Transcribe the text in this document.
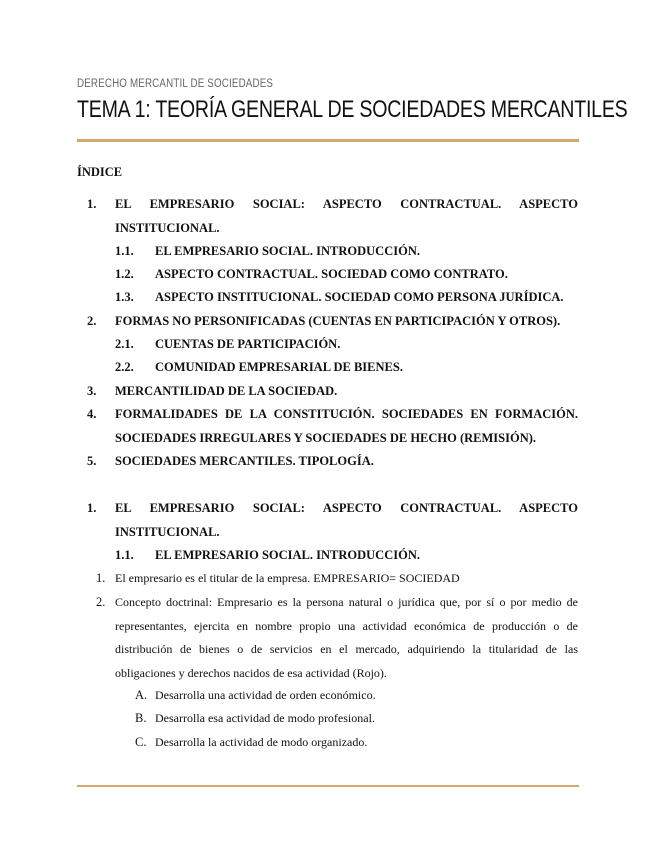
DERECHO MERCANTIL DE SOCIEDADES
TEMA 1: TEORÍA GENERAL DE SOCIEDADES MERCANTILES
ÍNDICE
1.	EL EMPRESARIO SOCIAL: ASPECTO CONTRACTUAL. ASPECTO INSTITUCIONAL.
1.1.	EL EMPRESARIO SOCIAL. INTRODUCCIÓN.
1.2.	ASPECTO CONTRACTUAL. SOCIEDAD COMO CONTRATO.
1.3.	ASPECTO INSTITUCIONAL. SOCIEDAD COMO PERSONA JURÍDICA.
2.	FORMAS NO PERSONIFICADAS (CUENTAS EN PARTICIPACIÓN Y OTROS).
2.1.	CUENTAS DE PARTICIPACIÓN.
2.2.	COMUNIDAD EMPRESARIAL DE BIENES.
3.	MERCANTILIDAD DE LA SOCIEDAD.
4.	FORMALIDADES DE LA CONSTITUCIÓN. SOCIEDADES EN FORMACIÓN. SOCIEDADES IRREGULARES Y SOCIEDADES DE HECHO (REMISIÓN).
5.	SOCIEDADES MERCANTILES. TIPOLOGÍA.
1.	EL EMPRESARIO SOCIAL: ASPECTO CONTRACTUAL. ASPECTO INSTITUCIONAL.
1.1.	EL EMPRESARIO SOCIAL. INTRODUCCIÓN.
1. El empresario es el titular de la empresa. EMPRESARIO= SOCIEDAD
2. Concepto doctrinal: Empresario es la persona natural o jurídica que, por sí o por medio de representantes, ejercita en nombre propio una actividad económica de producción o de distribución de bienes o de servicios en el mercado, adquiriendo la titularidad de las obligaciones y derechos nacidos de esa actividad (Rojo).
A. Desarrolla una actividad de orden económico.
B. Desarrolla esa actividad de modo profesional.
C. Desarrolla la actividad de modo organizado.
